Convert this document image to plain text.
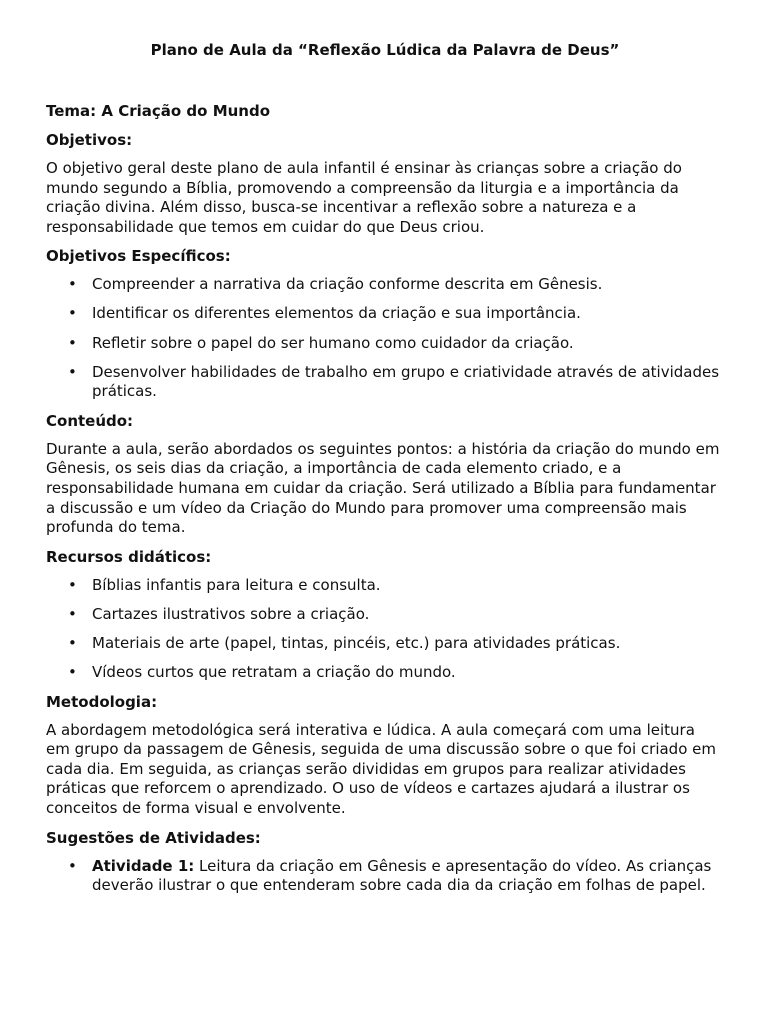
Plano de Aula da “Reflexão Lúdica da Palavra de Deus”
Tema: A Criação do Mundo
Objetivos:
O objetivo geral deste plano de aula infantil é ensinar às crianças sobre a criação do mundo segundo a Bíblia, promovendo a compreensão da liturgia e a importância da criação divina. Além disso, busca-se incentivar a reflexão sobre a natureza e a responsabilidade que temos em cuidar do que Deus criou.
Objetivos Específicos:
• Compreender a narrativa da criação conforme descrita em Gênesis.
• Identificar os diferentes elementos da criação e sua importância.
• Refletir sobre o papel do ser humano como cuidador da criação.
• Desenvolver habilidades de trabalho em grupo e criatividade através de atividades práticas.
Conteúdo:
Durante a aula, serão abordados os seguintes pontos: a história da criação do mundo em Gênesis, os seis dias da criação, a importância de cada elemento criado, e a responsabilidade humana em cuidar da criação. Será utilizado a Bíblia para fundamentar a discussão e um vídeo da Criação do Mundo para promover uma compreensão mais profunda do tema.
Recursos didáticos:
• Bíblias infantis para leitura e consulta.
• Cartazes ilustrativos sobre a criação.
• Materiais de arte (papel, tintas, pincéis, etc.) para atividades práticas.
• Vídeos curtos que retratam a criação do mundo.
Metodologia:
A abordagem metodológica será interativa e lúdica. A aula começará com uma leitura em grupo da passagem de Gênesis, seguida de uma discussão sobre o que foi criado em cada dia. Em seguida, as crianças serão divididas em grupos para realizar atividades práticas que reforcem o aprendizado. O uso de vídeos e cartazes ajudará a ilustrar os conceitos de forma visual e envolvente.
Sugestões de Atividades:
• Atividade 1: Leitura da criação em Gênesis e apresentação do vídeo. As crianças deverão ilustrar o que entenderam sobre cada dia da criação em folhas de papel.
